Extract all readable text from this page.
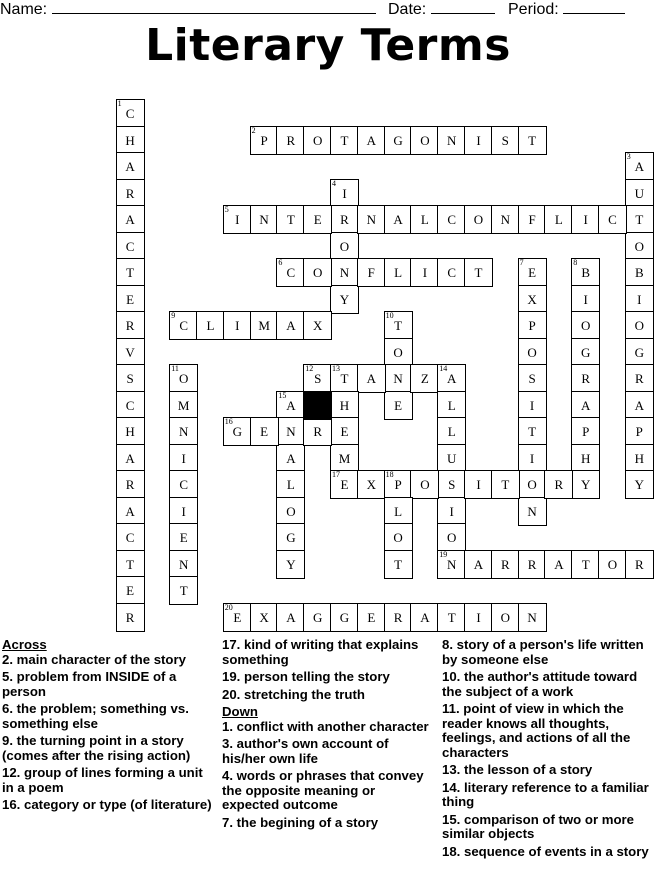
Name:	Date:	Period:
Literary Terms
1
C
H
A
R
A
C
T
E
R
V
S
C
H
A
R
A
C
T
E
R
2
P	R	O	T	A	G	O	N	I	S	T
3
A
U
T
O
B
I
O
G
R
A
P
H
Y
4
I
R
O
N
Y
5
I	N	T	E	N	A	L	C	O	N	F	L	I	C
6
C	O	F	L	I	C	T
7
E
X
P
O
S
I
T
I
O
N
8
B
I
O
G
R
A
P
H
Y
9
C	L	I	M	A	X
10
T
O
N
E
11
O
M
N
I
C
I
E
N
T
12
S
13
T	A	Z
14
A
H
E
M
17
E
L
L
U
S
I
O
19
N
15
A
N
A
L
O
G
Y
16
G	E	R
X
18
P	O	I	T	R
L
O
T	A	R	R	A	T	O	R
20
E	X	A	G	G	E	R	A	T	I	O	N
Across
2. main character of the story
5. problem from INSIDE of a person
6. the problem; something vs. something else
9. the turning point in a story (comes after the rising action)
12. group of lines forming a unit in a poem
16. category or type (of literature)
17. kind of writing that explains something
19. person telling the story
20. stretching the truth
Down
1. conflict with another character
3. author's own account of his/her own life
4. words or phrases that convey the opposite meaning or expected outcome
7. the begining of a story
8. story of a person's life written by someone else
10. the author's attitude toward the subject of a work
11. point of view in which the reader knows all thoughts, feelings, and actions of all the characters
13. the lesson of a story
14. literary reference to a familiar thing
15. comparison of two or more similar objects
18. sequence of events in a story
